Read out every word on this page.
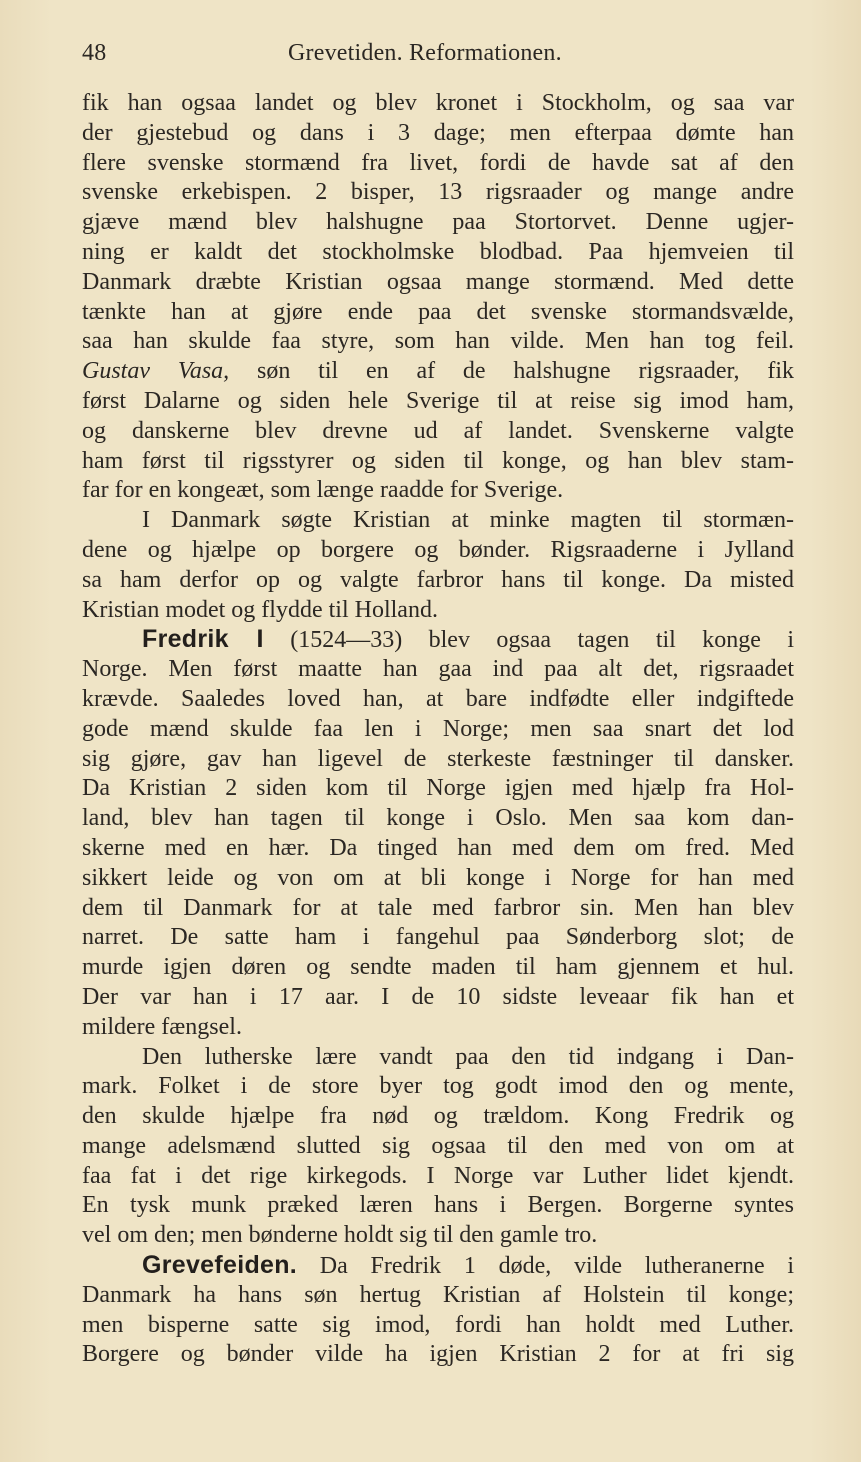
48	Grevetiden. Reformationen.
fik han ogsaa landet og blev kronet i Stockholm, og saa var
der gjestebud og dans i 3 dage; men efterpaa dømte han
flere svenske stormænd fra livet, fordi de havde sat af den
svenske erkebispen. 2 bisper, 13 rigsraader og mange andre
gjæve mænd blev halshugne paa Stortorvet. Denne ugjer-
ning er kaldt det stockholmske blodbad. Paa hjemveien til
Danmark dræbte Kristian ogsaa mange stormænd. Med dette
tænkte han at gjøre ende paa det svenske stormandsvælde,
saa han skulde faa styre, som han vilde. Men han tog feil.
Gustav Vasa, søn til en af de halshugne rigsraader, fik
først Dalarne og siden hele Sverige til at reise sig imod ham,
og danskerne blev drevne ud af landet. Svenskerne valgte
ham først til rigsstyrer og siden til konge, og han blev stam-
far for en kongeæt, som længe raadde for Sverige.
I Danmark søgte Kristian at minke magten til stormæn-
dene og hjælpe op borgere og bønder. Rigsraaderne i Jylland
sa ham derfor op og valgte farbror hans til konge. Da misted
Kristian modet og flydde til Holland.
Fredrik I (1524—33) blev ogsaa tagen til konge i
Norge. Men først maatte han gaa ind paa alt det, rigsraadet
krævde. Saaledes loved han, at bare indfødte eller indgiftede
gode mænd skulde faa len i Norge; men saa snart det lod
sig gjøre, gav han ligevel de sterkeste fæstninger til dansker.
Da Kristian 2 siden kom til Norge igjen med hjælp fra Hol-
land, blev han tagen til konge i Oslo. Men saa kom dan-
skerne med en hær. Da tinged han med dem om fred. Med
sikkert leide og von om at bli konge i Norge for han med
dem til Danmark for at tale med farbror sin. Men han blev
narret. De satte ham i fangehul paa Sønderborg slot; de
murde igjen døren og sendte maden til ham gjennem et hul.
Der var han i 17 aar. I de 10 sidste leveaar fik han et
mildere fængsel.
Den lutherske lære vandt paa den tid indgang i Dan-
mark. Folket i de store byer tog godt imod den og mente,
den skulde hjælpe fra nød og trældom. Kong Fredrik og
mange adelsmænd slutted sig ogsaa til den med von om at
faa fat i det rige kirkegods. I Norge var Luther lidet kjendt.
En tysk munk præked læren hans i Bergen. Borgerne syntes
vel om den; men bønderne holdt sig til den gamle tro.
Grevefeiden. Da Fredrik 1 døde, vilde lutheranerne i
Danmark ha hans søn hertug Kristian af Holstein til konge;
men bisperne satte sig imod, fordi han holdt med Luther.
Borgere og bønder vilde ha igjen Kristian 2 for at fri sig
